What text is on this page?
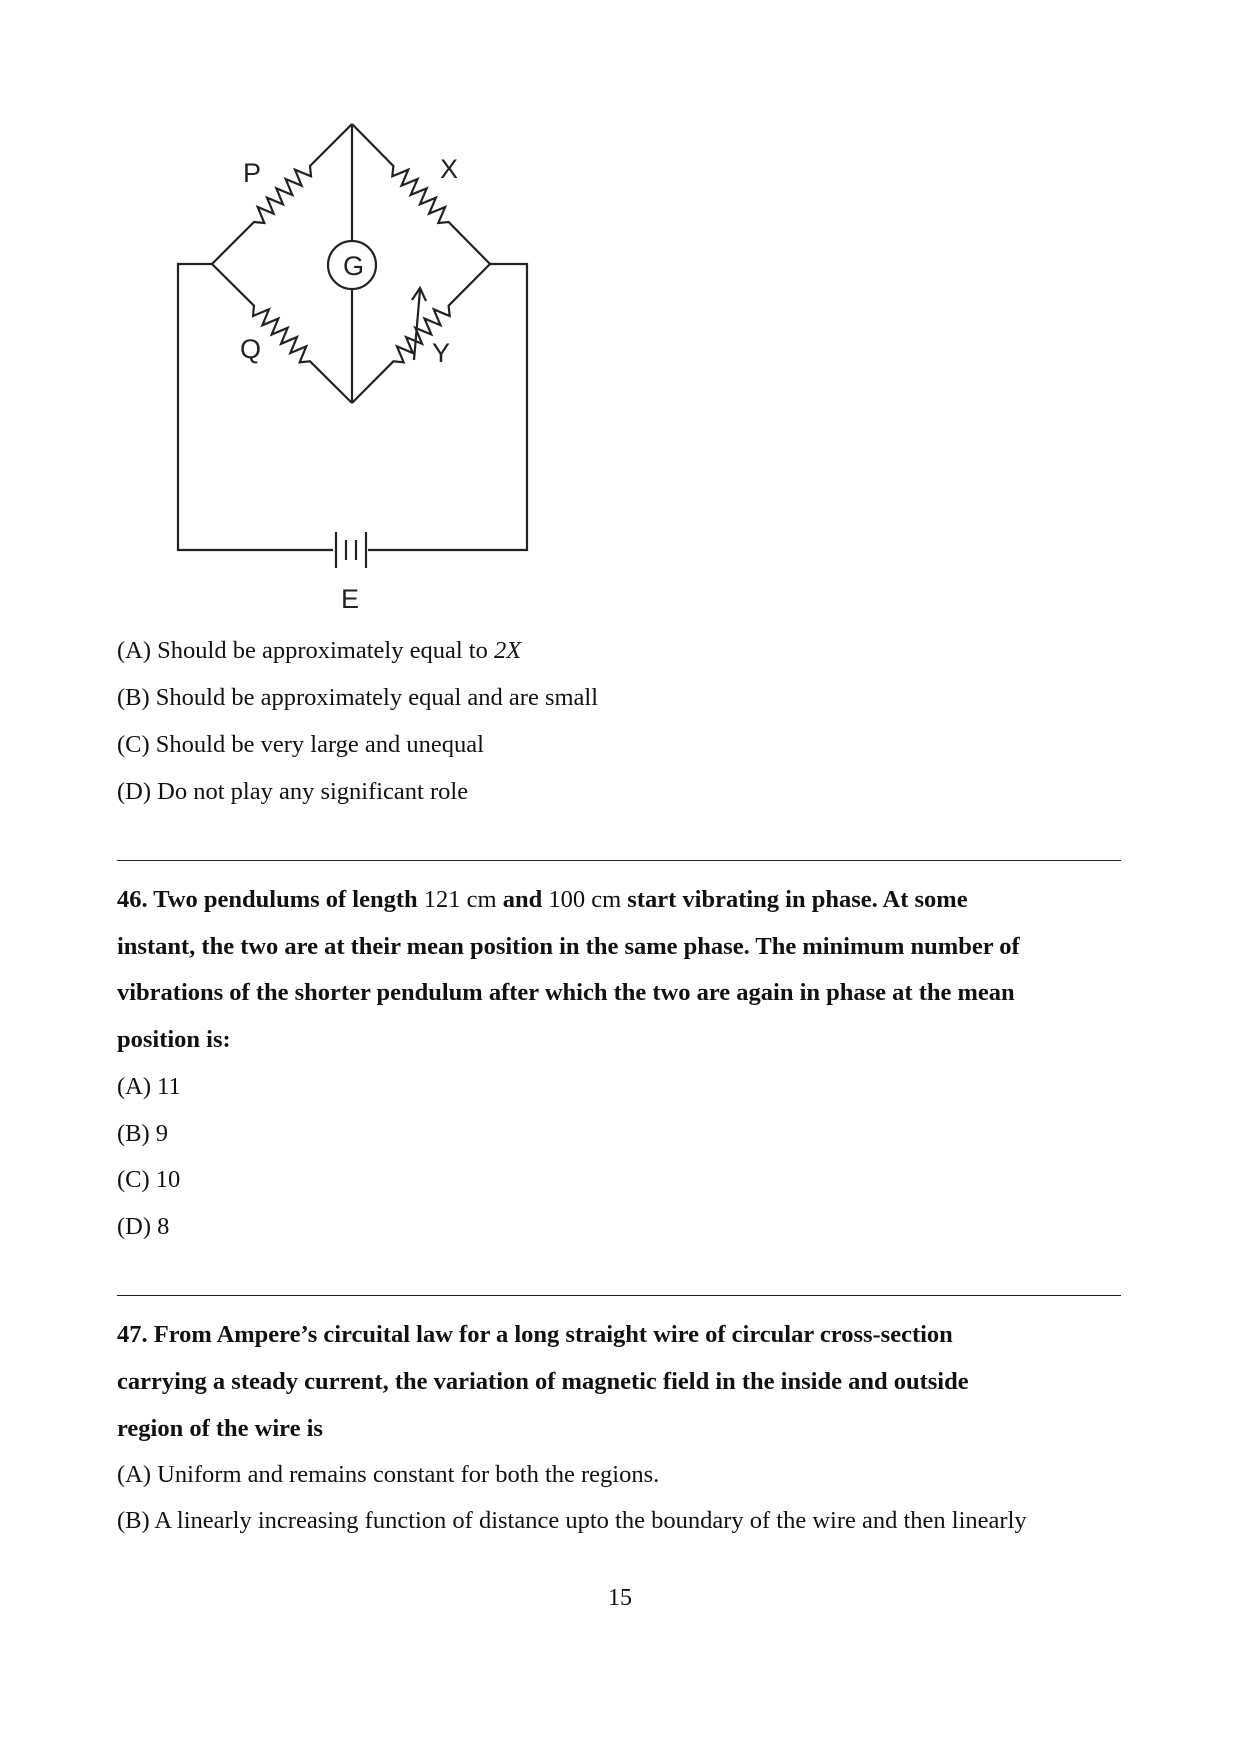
P	X
Q	Y
G
E
(A) Should be approximately equal to 2X
(B) Should be approximately equal and are small
(C) Should be very large and unequal
(D) Do not play any significant role
46. Two pendulums of length 121 cm and 100 cm start vibrating in phase. At some
instant, the two are at their mean position in the same phase. The minimum number of
vibrations of the shorter pendulum after which the two are again in phase at the mean
position is:
(A) 11
(B) 9
(C) 10
(D) 8
47. From Ampere’s circuital law for a long straight wire of circular cross-section
carrying a steady current, the variation of magnetic field in the inside and outside
region of the wire is
(A) Uniform and remains constant for both the regions.
(B) A linearly increasing function of distance upto the boundary of the wire and then linearly
15
